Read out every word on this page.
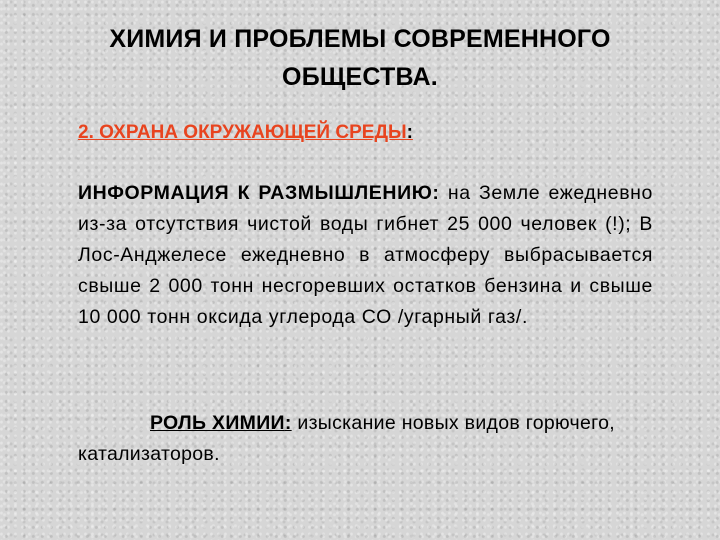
ХИМИЯ И ПРОБЛЕМЫ СОВРЕМЕННОГО
ОБЩЕСТВА.
2. ОХРАНА ОКРУЖАЮЩЕЙ СРЕДЫ:
ИНФОРМАЦИЯ К РАЗМЫШЛЕНИЮ: на Земле ежедневно из-за отсутствия чистой воды гибнет 25 000 человек (!); В Лос-Анджелесе ежедневно в атмосферу выбрасывается свыше 2 000 тонн несгоревших остатков бензина и свыше 10 000 тонн оксида углерода СО /угарный газ/.
РОЛЬ ХИМИИ: изыскание новых видов горючего, катализаторов.
